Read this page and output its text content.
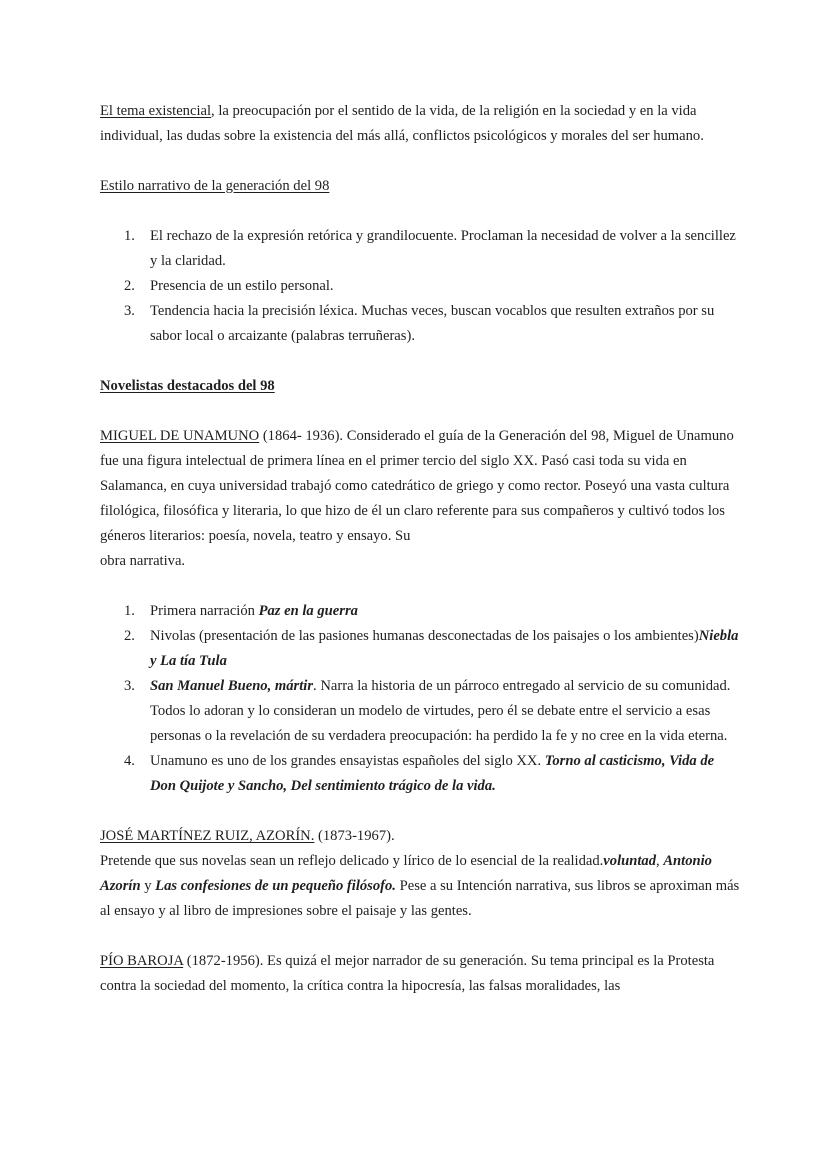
El tema existencial, la preocupación por el sentido de la vida, de la religión en la sociedad y en la vida individual, las dudas sobre la existencia del más allá, conflictos psicológicos y morales del ser humano.

Estilo narrativo de la generación del 98

1. El rechazo de la expresión retórica y grandilocuente. Proclaman la necesidad de volver a la sencillez y la claridad.
2. Presencia de un estilo personal.
3. Tendencia hacia la precisión léxica. Muchas veces, buscan vocablos que resulten extraños por su sabor local o arcaizante (palabras terruñeras).

Novelistas destacados del 98

MIGUEL DE UNAMUNO (1864- 1936). Considerado el guía de la Generación del 98, Miguel de Unamuno fue una figura intelectual de primera línea en el primer tercio del siglo XX. Pasó casi toda su vida en Salamanca, en cuya universidad trabajó como catedrático de griego y como rector. Poseyó una vasta cultura filológica, filosófica y literaria, lo que hizo de él un claro referente para sus compañeros y cultivó todos los géneros literarios: poesía, novela, teatro y ensayo. Su

obra narrativa.

1. Primera narración Paz en la guerra
2. Nivolas (presentación de las pasiones humanas desconectadas de los paisajes o los ambientes)Niebla y La tía Tula
3. San Manuel Bueno, mártir. Narra la historia de un párroco entregado al servicio de su comunidad. Todos lo adoran y lo consideran un modelo de virtudes, pero él se debate entre el servicio a esas personas o la revelación de su verdadera preocupación: ha perdido la fe y no cree en la vida eterna.
4. Unamuno es uno de los grandes ensayistas españoles del siglo XX. Torno al casticismo, Vida de Don Quijote y Sancho, Del sentimiento trágico de la vida.

JOSÉ MARTÍNEZ RUIZ, AZORÍN. (1873-1967).

Pretende que sus novelas sean un reflejo delicado y lírico de lo esencial de la realidad.voluntad, Antonio Azorín y Las confesiones de un pequeño filósofo. Pese a su Intención narrativa, sus libros se aproximan más al ensayo y al libro de impresiones sobre el paisaje y las gentes.

PÍO BAROJA (1872-1956). Es quizá el mejor narrador de su generación. Su tema principal es la Protesta contra la sociedad del momento, la crítica contra la hipocresía, las falsas moralidades, las
